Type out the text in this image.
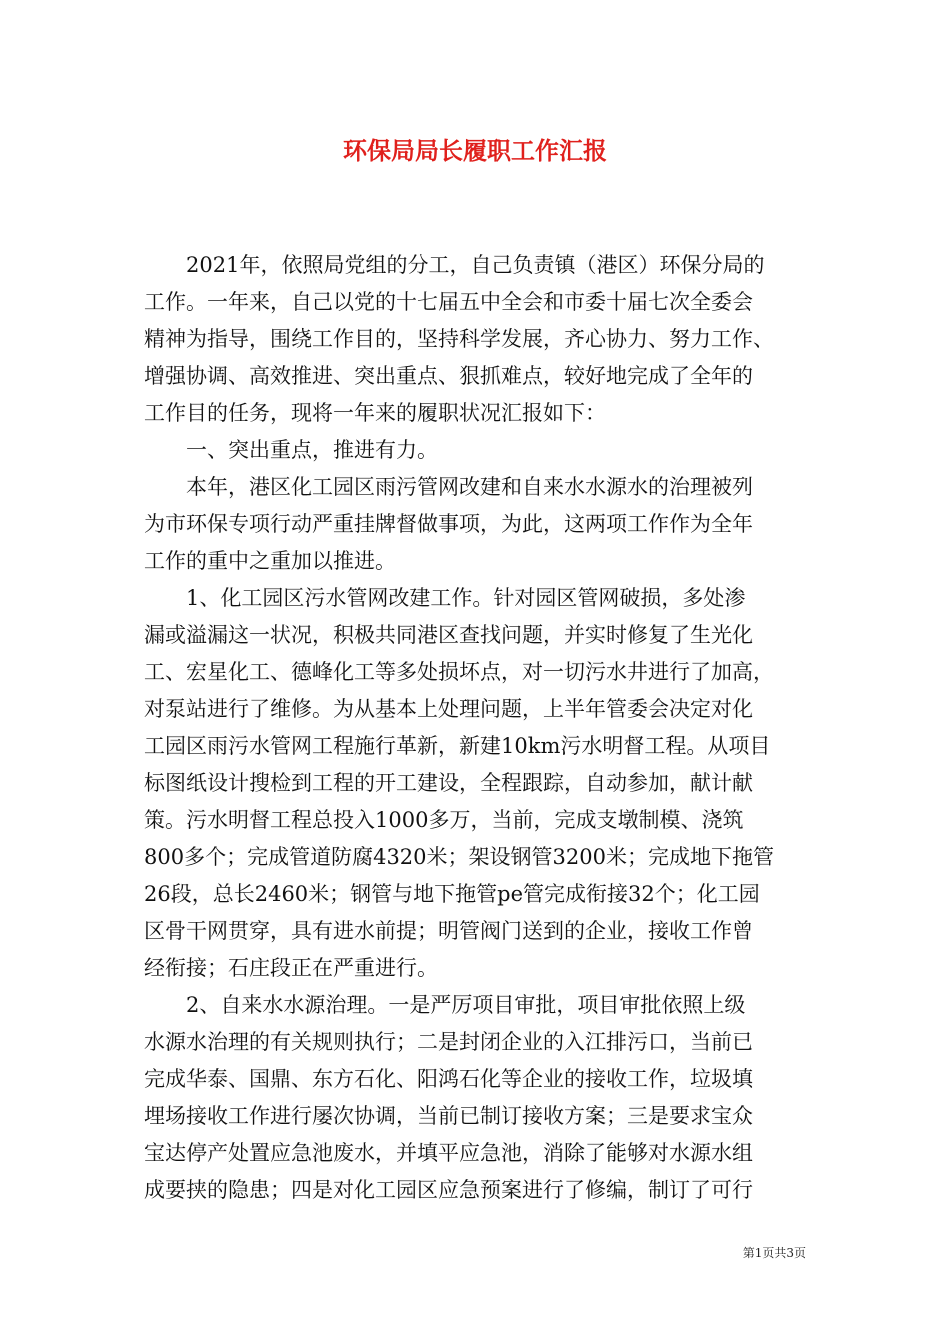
环保局局长履职工作汇报
　　2021年，依照局党组的分工，自己负责镇（港区）环保分局的
工作。一年来，自己以党的十七届五中全会和市委十届七次全委会
精神为指导，围绕工作目的，坚持科学发展，齐心协力、努力工作、
增强协调、高效推进、突出重点、狠抓难点，较好地完成了全年的
工作目的任务，现将一年来的履职状况汇报如下：
　　一、突出重点，推进有力。
　　本年，港区化工园区雨污管网改建和自来水水源水的治理被列
为市环保专项行动严重挂牌督做事项，为此，这两项工作作为全年
工作的重中之重加以推进。
　　1、化工园区污水管网改建工作。针对园区管网破损，多处渗
漏或溢漏这一状况，积极共同港区查找问题，并实时修复了生光化
工、宏星化工、德峰化工等多处损坏点，对一切污水井进行了加高，
对泵站进行了维修。为从基本上处理问题，上半年管委会决定对化
工园区雨污水管网工程施行革新，新建10km污水明督工程。从项目
标图纸设计搜检到工程的开工建设，全程跟踪，自动参加，献计献
策。污水明督工程总投入1000多万，当前，完成支墩制模、浇筑
800多个；完成管道防腐4320米；架设钢管3200米；完成地下拖管
26段，总长2460米；钢管与地下拖管pe管完成衔接32个；化工园
区骨干网贯穿，具有进水前提；明管阀门送到的企业，接收工作曾
经衔接；石庄段正在严重进行。
　　2、自来水水源治理。一是严厉项目审批，项目审批依照上级
水源水治理的有关规则执行；二是封闭企业的入江排污口，当前已
完成华泰、国鼎、东方石化、阳鸿石化等企业的接收工作，垃圾填
埋场接收工作进行屡次协调，当前已制订接收方案；三是要求宝众
宝达停产处置应急池废水，并填平应急池，消除了能够对水源水组
成要挟的隐患；四是对化工园区应急预案进行了修编，制订了可行
第1页共3页
